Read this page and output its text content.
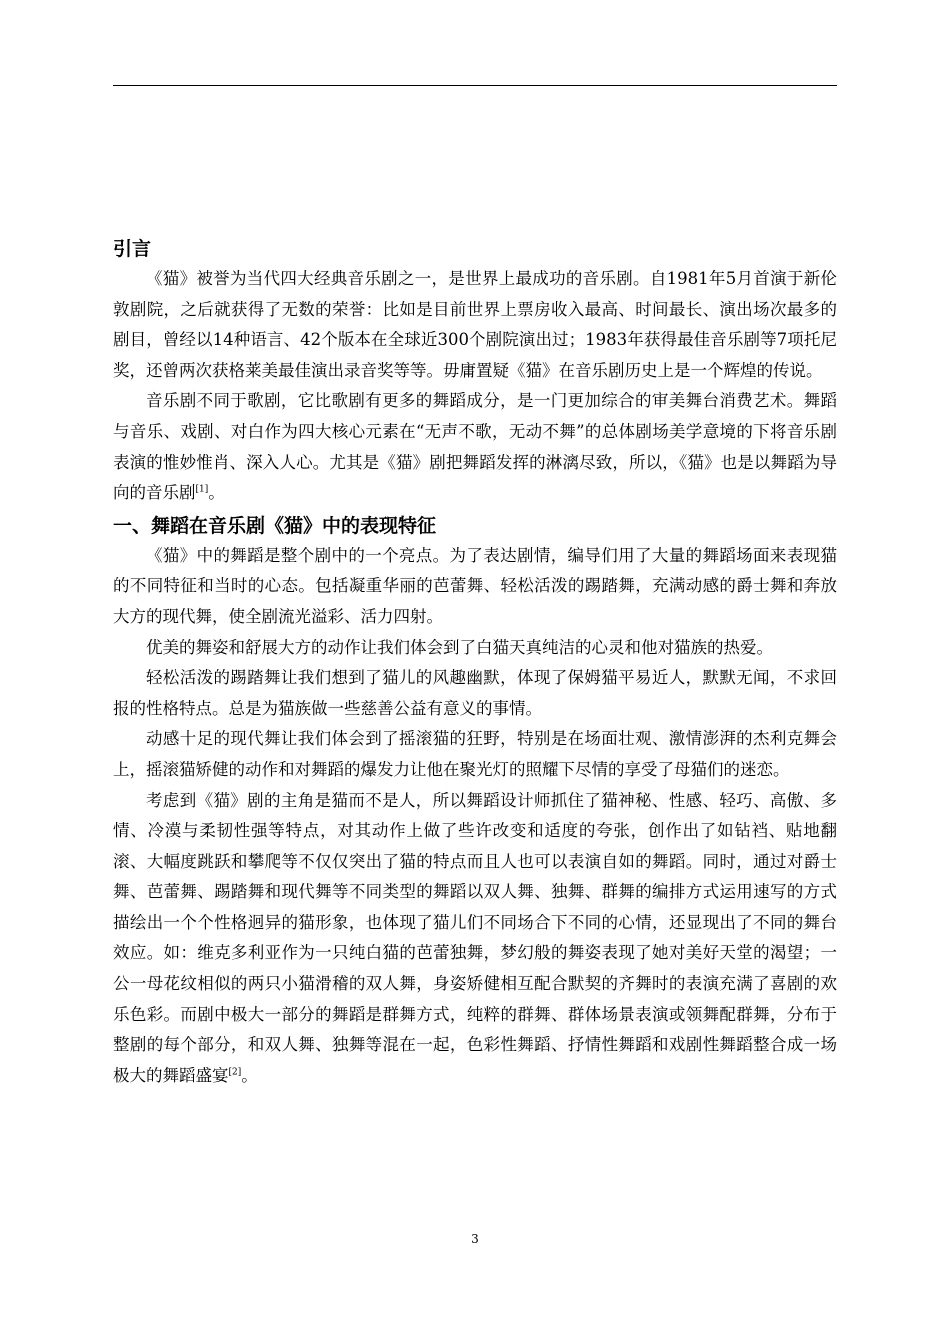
引言

《猫》被誉为当代四大经典音乐剧之一，是世界上最成功的音乐剧。自1981年5月首演于新伦敦剧院，之后就获得了无数的荣誉：比如是目前世界上票房收入最高、时间最长、演出场次最多的剧目，曾经以14种语言、42个版本在全球近300个剧院演出过；1983年获得最佳音乐剧等7项托尼奖，还曾两次获格莱美最佳演出录音奖等等。毋庸置疑《猫》在音乐剧历史上是一个辉煌的传说。

音乐剧不同于歌剧，它比歌剧有更多的舞蹈成分，是一门更加综合的审美舞台消费艺术。舞蹈与音乐、戏剧、对白作为四大核心元素在“无声不歌，无动不舞”的总体剧场美学意境的下将音乐剧表演的惟妙惟肖、深入人心。尤其是《猫》剧把舞蹈发挥的淋漓尽致，所以，《猫》也是以舞蹈为导向的音乐剧[1]。

一、舞蹈在音乐剧《猫》中的表现特征

《猫》中的舞蹈是整个剧中的一个亮点。为了表达剧情，编导们用了大量的舞蹈场面来表现猫的不同特征和当时的心态。包括凝重华丽的芭蕾舞、轻松活泼的踢踏舞，充满动感的爵士舞和奔放大方的现代舞，使全剧流光溢彩、活力四射。

优美的舞姿和舒展大方的动作让我们体会到了白猫天真纯洁的心灵和他对猫族的热爱。

轻松活泼的踢踏舞让我们想到了猫儿的风趣幽默，体现了保姆猫平易近人，默默无闻，不求回报的性格特点。总是为猫族做一些慈善公益有意义的事情。

动感十足的现代舞让我们体会到了摇滚猫的狂野，特别是在场面壮观、激情澎湃的杰利克舞会上，摇滚猫矫健的动作和对舞蹈的爆发力让他在聚光灯的照耀下尽情的享受了母猫们的迷恋。

考虑到《猫》剧的主角是猫而不是人，所以舞蹈设计师抓住了猫神秘、性感、轻巧、高傲、多情、冷漠与柔韧性强等特点，对其动作上做了些许改变和适度的夸张，创作出了如钻裆、贴地翻滚、大幅度跳跃和攀爬等不仅仅突出了猫的特点而且人也可以表演自如的舞蹈。同时，通过对爵士舞、芭蕾舞、踢踏舞和现代舞等不同类型的舞蹈以双人舞、独舞、群舞的编排方式运用速写的方式描绘出一个个性格迥异的猫形象，也体现了猫儿们不同场合下不同的心情，还显现出了不同的舞台效应。如：维克多利亚作为一只纯白猫的芭蕾独舞，梦幻般的舞姿表现了她对美好天堂的渴望；一公一母花纹相似的两只小猫滑稽的双人舞，身姿矫健相互配合默契的齐舞时的表演充满了喜剧的欢乐色彩。而剧中极大一部分的舞蹈是群舞方式，纯粹的群舞、群体场景表演或领舞配群舞，分布于整剧的每个部分，和双人舞、独舞等混在一起，色彩性舞蹈、抒情性舞蹈和戏剧性舞蹈整合成一场极大的舞蹈盛宴[2]。

3
